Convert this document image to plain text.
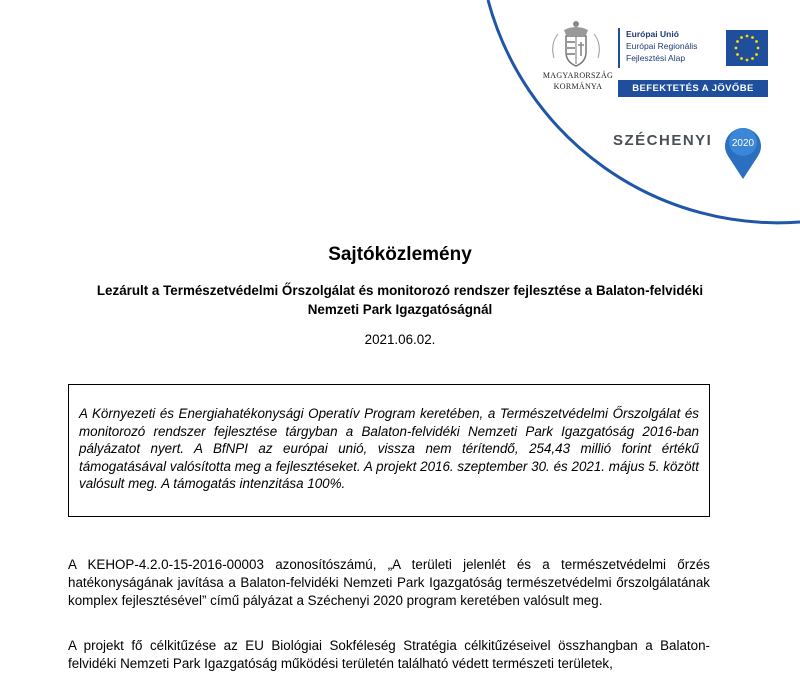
MAGYARORSZÁG
KORMÁNYA
Európai Unió
Európai Regionális
Fejlesztési Alap
BEFEKTETÉS A JÖVŐBE
SZÉCHENYI 2020
Sajtóközlemény
Lezárult a Természetvédelmi Őrszolgálat és monitorozó rendszer fejlesztése a Balaton-felvidéki Nemzeti Park Igazgatóságnál
2021.06.02.

A Környezeti és Energiahatékonysági Operatív Program keretében, a Természetvédelmi Őrszolgálat és monitorozó rendszer fejlesztése tárgyban a Balaton-felvidéki Nemzeti Park Igazgatóság 2016-ban pályázatot nyert. A BfNPI az európai unió, vissza nem térítendő, 254,43 millió forint értékű támogatásával valósította meg a fejlesztéseket. A projekt 2016. szeptember 30. és 2021. május 5. között valósult meg. A támogatás intenzitása 100%.

A KEHOP-4.2.0-15-2016-00003 azonosítószámú, „A területi jelenlét és a természetvédelmi őrzés hatékonyságának javítása a Balaton-felvidéki Nemzeti Park Igazgatóság természetvédelmi őrszolgálatának komplex fejlesztésével” című pályázat a Széchenyi 2020 program keretében valósult meg.

A projekt fő célkitűzése az EU Biológiai Sokféleség Stratégia célkitűzéseivel összhangban a Balaton-felvidéki Nemzeti Park Igazgatóság működési területén található védett természeti területek,
